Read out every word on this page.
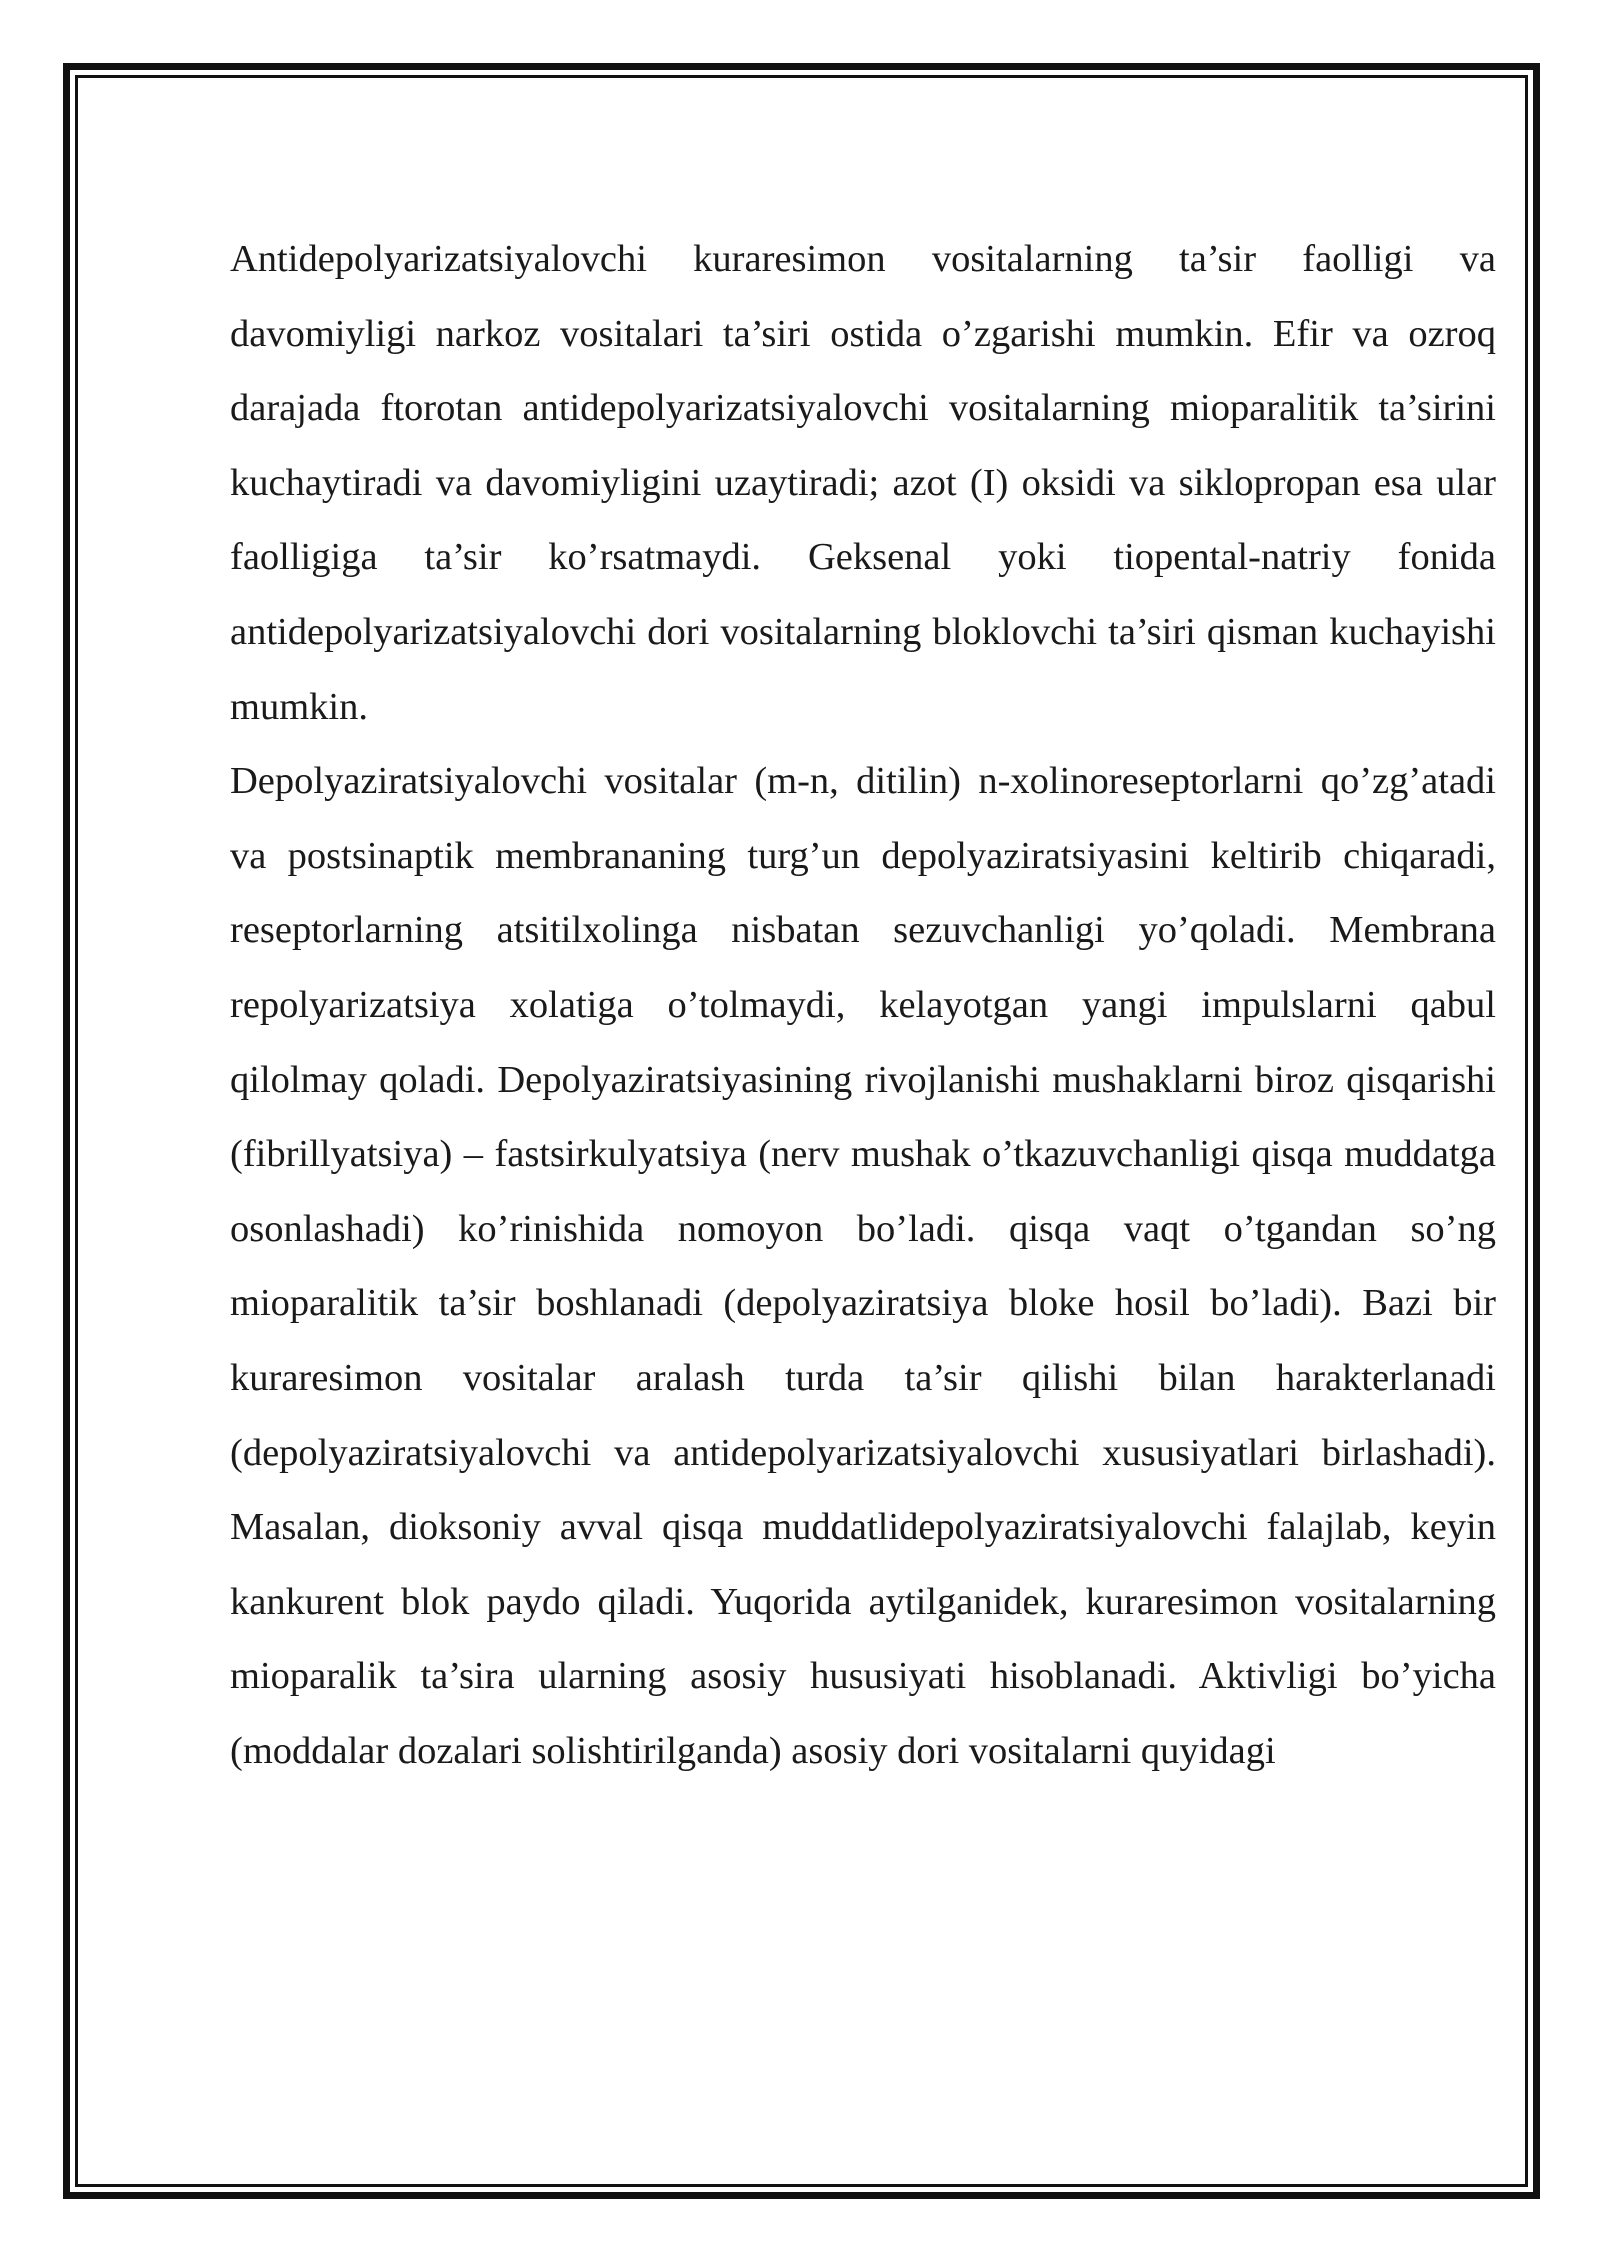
Antidepolyarizatsiyalovchi kuraresimon vositalarning ta’sir faolligi va davomiyligi narkoz vositalari ta’siri ostida o’zgarishi mumkin. Efir va ozroq darajada ftorotan antidepolyarizatsiyalovchi vositalarning mioparalitik ta’sirini kuchaytiradi va davomiyligini uzaytiradi; azot (I) oksidi va siklopropan esa ular faolligiga ta’sir ko’rsatmaydi. Geksenal yoki tiopental-natriy fonida antidepolyarizatsiyalovchi dori vositalarning bloklovchi ta’siri qisman kuchayishi mumkin.

Depolyaziratsiyalovchi vositalar (m-n, ditilin) n-xolinoreseptorlarni qo’zg’atadi va postsinaptik membrananing turg’un depolyaziratsiyasini keltirib chiqaradi, reseptorlarning atsitilxolinga nisbatan sezuvchanligi yo’qoladi. Membrana repolyarizatsiya xolatiga o’tolmaydi, kelayotgan yangi impulslarni qabul qilolmay qoladi. Depolyaziratsiyasining rivojlanishi mushaklarni biroz qisqarishi (fibrillyatsiya) – fastsirkulyatsiya (nerv mushak o’tkazuvchanligi qisqa muddatga osonlashadi) ko’rinishida nomoyon bo’ladi. qisqa vaqt o’tgandan so’ng mioparalitik ta’sir boshlanadi (depolyaziratsiya bloke hosil bo’ladi). Bazi bir kuraresimon vositalar aralash turda ta’sir qilishi bilan harakterlanadi (depolyaziratsiyalovchi va antidepolyarizatsiyalovchi xususiyatlari birlashadi). Masalan, dioksoniy avval qisqa muddatlidepolyaziratsiyalovchi falajlab, keyin kankurent blok paydo qiladi. Yuqorida aytilganidek, kuraresimon vositalarning mioparalik ta’sira ularning asosiy hususiyati hisoblanadi. Aktivligi bo’yicha (moddalar dozalari solishtirilganda) asosiy dori vositalarni quyidagi
